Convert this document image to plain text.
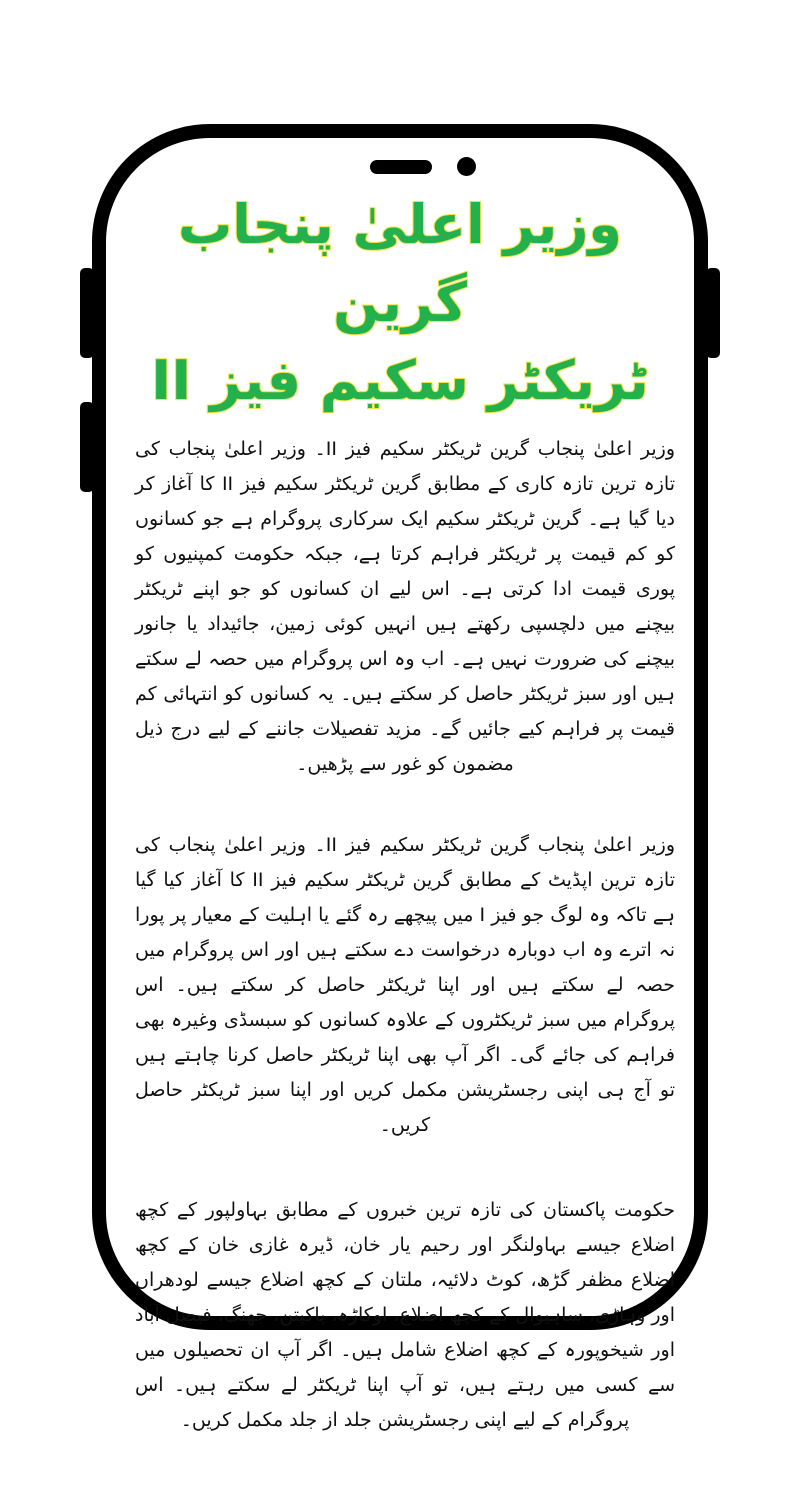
وزیر اعلیٰ پنجاب گرین
ٹریکٹر سکیم فیز II

وزیر اعلیٰ پنجاب گرین ٹریکٹر سکیم فیز II۔ وزیر اعلیٰ پنجاب کی تازہ ترین تازہ کاری کے مطابق گرین ٹریکٹر سکیم فیز II کا آغاز کر دیا گیا ہے۔ گرین ٹریکٹر سکیم ایک سرکاری پروگرام ہے جو کسانوں کو کم قیمت پر ٹریکٹر فراہم کرتا ہے، جبکہ حکومت کمپنیوں کو پوری قیمت ادا کرتی ہے۔ اس لیے ان کسانوں کو جو اپنے ٹریکٹر بیچنے میں دلچسپی رکھتے ہیں انہیں کوئی زمین، جائیداد یا جانور بیچنے کی ضرورت نہیں ہے۔ اب وہ اس پروگرام میں حصہ لے سکتے ہیں اور سبز ٹریکٹر حاصل کر سکتے ہیں۔ یہ کسانوں کو انتہائی کم قیمت پر فراہم کیے جائیں گے۔ مزید تفصیلات جاننے کے لیے درج ذیل مضمون کو غور سے پڑھیں۔

وزیر اعلیٰ پنجاب گرین ٹریکٹر سکیم فیز II۔ وزیر اعلیٰ پنجاب کی تازہ ترین اپڈیٹ کے مطابق گرین ٹریکٹر سکیم فیز II کا آغاز کیا گیا ہے تاکہ وہ لوگ جو فیز I میں پیچھے رہ گئے یا اہلیت کے معیار پر پورا نہ اترے وہ اب دوبارہ درخواست دے سکتے ہیں اور اس پروگرام میں حصہ لے سکتے ہیں اور اپنا ٹریکٹر حاصل کر سکتے ہیں۔ اس پروگرام میں سبز ٹریکٹروں کے علاوہ کسانوں کو سبسڈی وغیرہ بھی فراہم کی جائے گی۔ اگر آپ بھی اپنا ٹریکٹر حاصل کرنا چاہتے ہیں تو آج ہی اپنی رجسٹریشن مکمل کریں اور اپنا سبز ٹریکٹر حاصل کریں۔

حکومت پاکستان کی تازہ ترین خبروں کے مطابق بہاولپور کے کچھ اضلاع جیسے بہاولنگر اور رحیم یار خان، ڈیرہ غازی خان کے کچھ اضلاع مظفر گڑھ، کوٹ دلائیہ، ملتان کے کچھ اضلاع جیسے لودھراں اور وہاڑی، ساہیوال کے کچھ اضلاع، اوکاڑہ، پاکپتن، جھنگ، فیصل آباد اور شیخوپورہ کے کچھ اضلاع شامل ہیں۔ اگر آپ ان تحصیلوں میں سے کسی میں رہتے ہیں، تو آپ اپنا ٹریکٹر لے سکتے ہیں۔ اس پروگرام کے لیے اپنی رجسٹریشن جلد از جلد مکمل کریں۔
